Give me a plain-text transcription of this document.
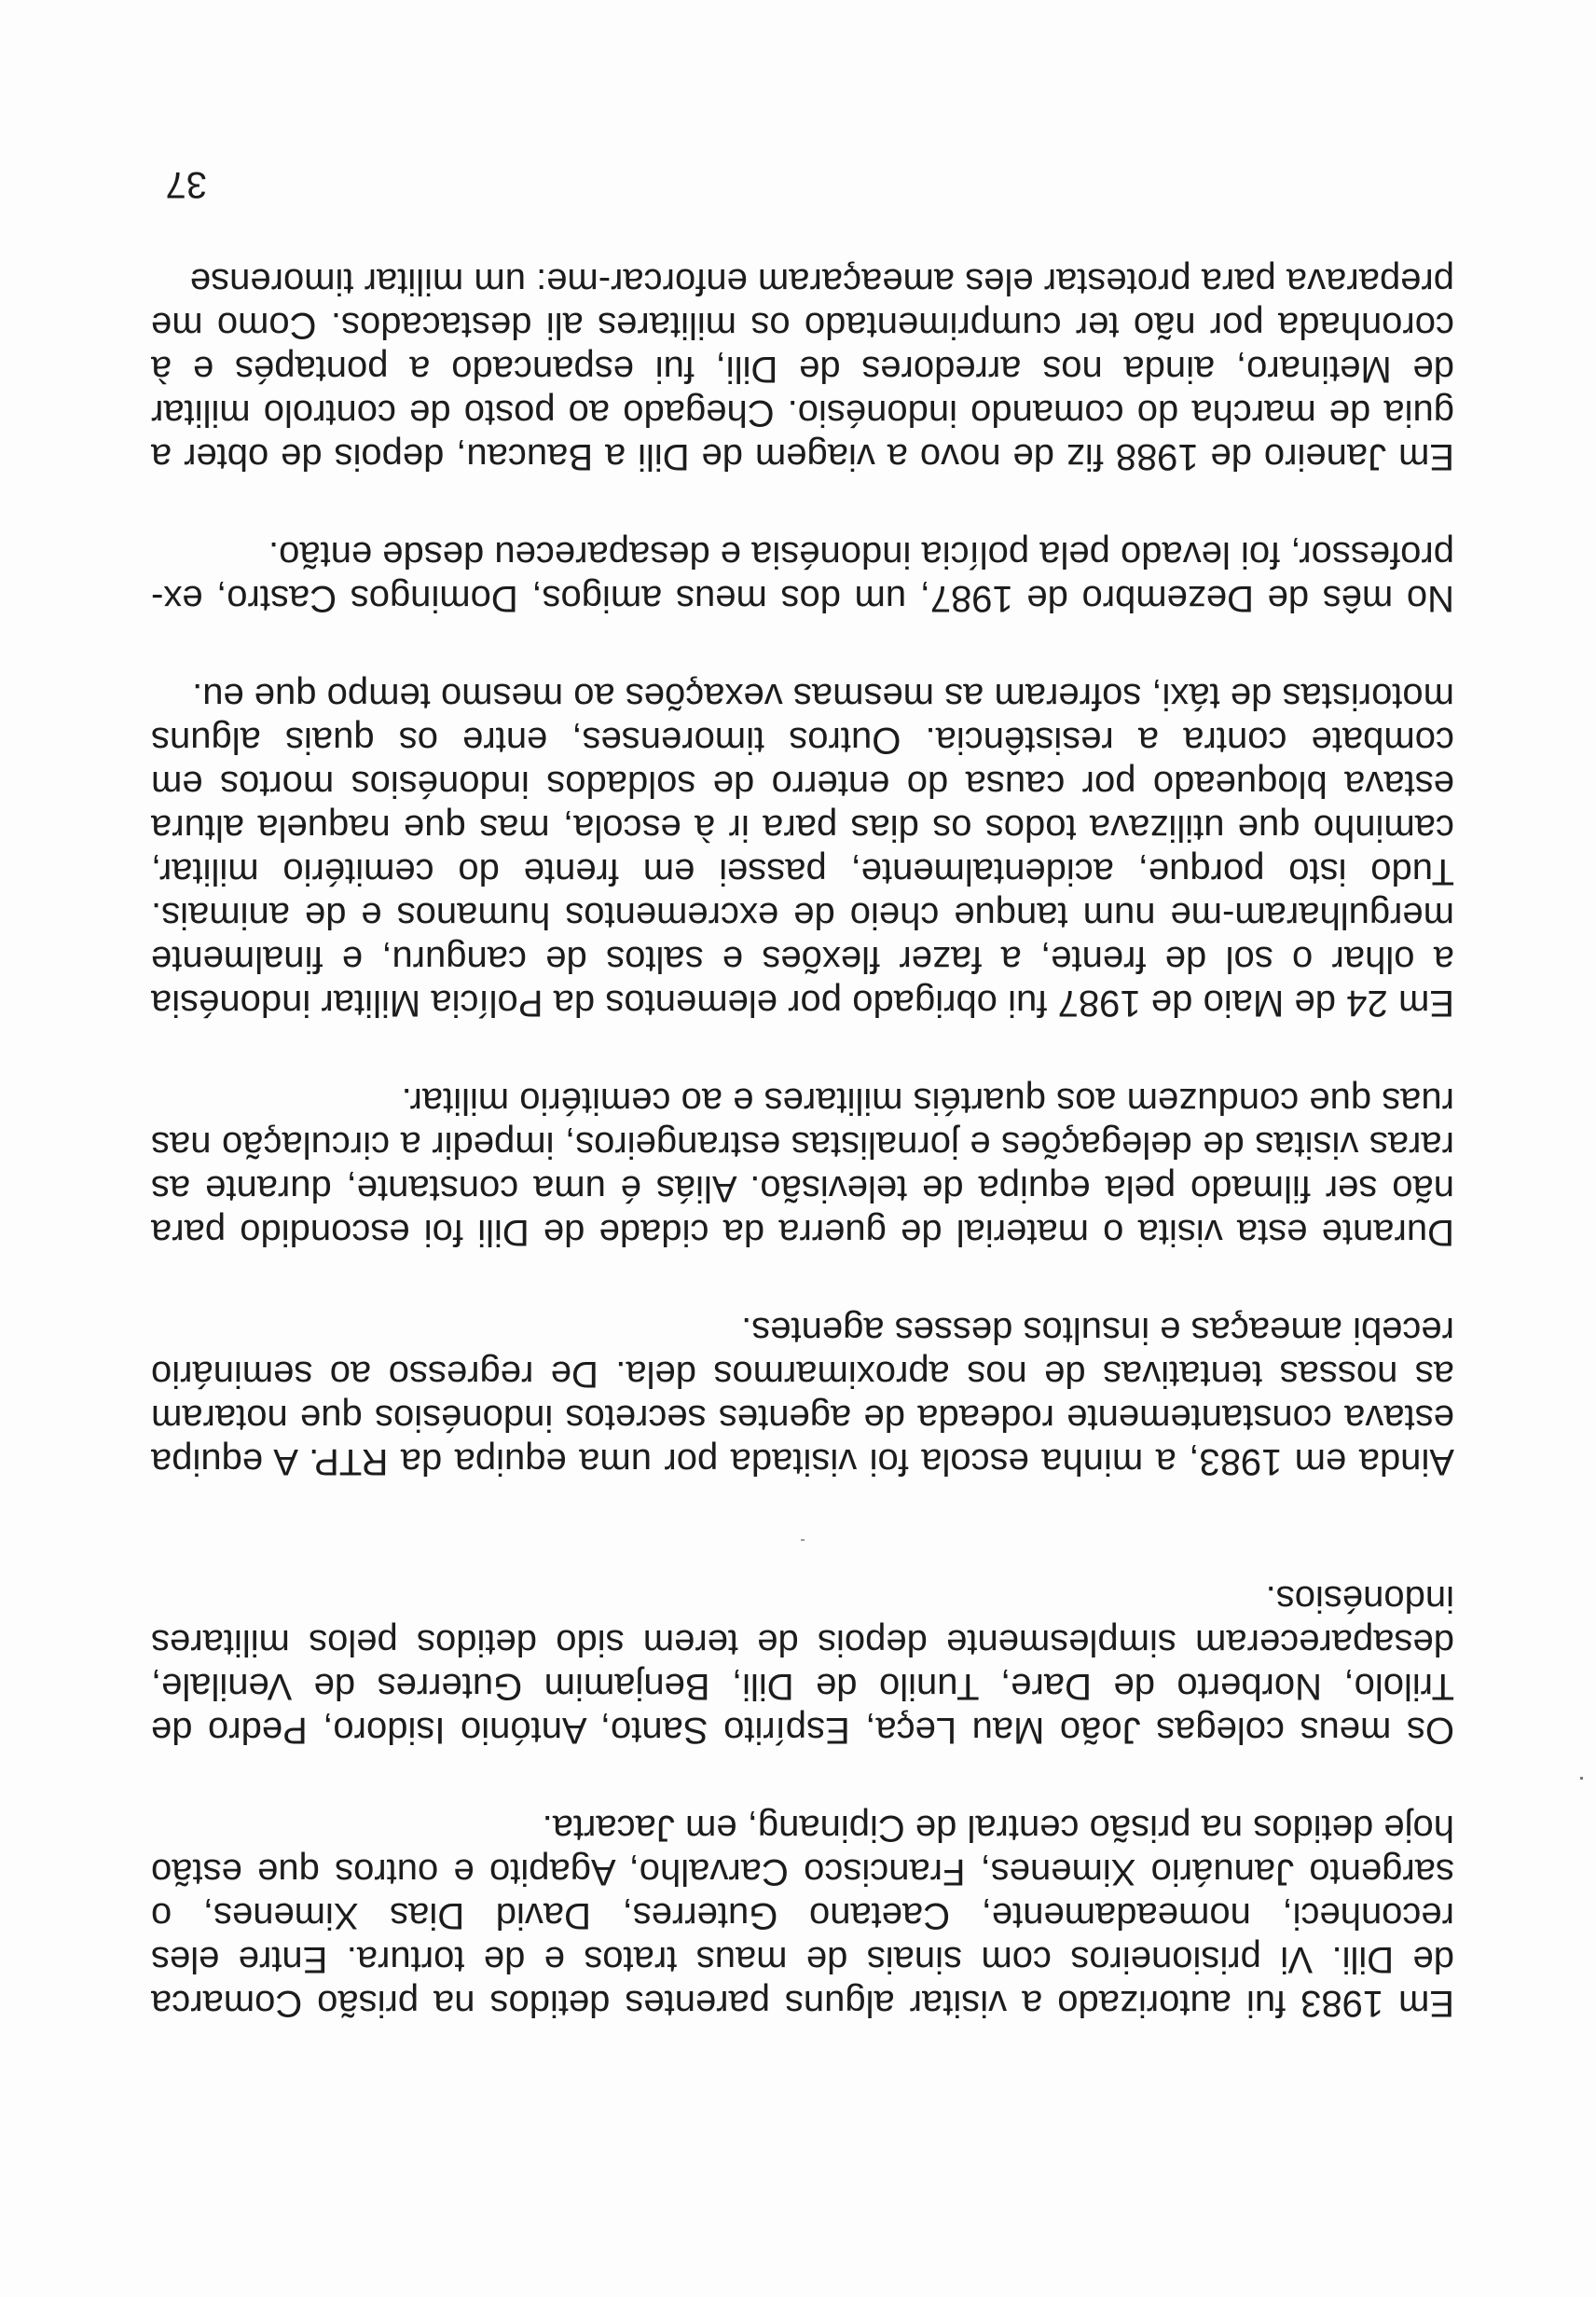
Em 1983 fui autorizado a visitar alguns parentes detidos na prisão Comarca de Dili. Vi prisioneiros com sinais de maus tratos e de tortura. Entre eles reconheci, nomeadamente, Caetano Guterres, David Dias Ximenes, o sargento Januário Ximenes, Francisco Carvalho, Agapito e outros que estão hoje detidos na prisão central de Cipinang, em Jacarta.

Os meus colegas João Mau Leça, Espírito Santo, António Isidoro, Pedro de Trilolo, Norberto de Dare, Tunilo de Dili, Benjamim Guterres de Venilale, desapareceram simplesmente depois de terem sido detidos pelos militares indonésios.

Ainda em 1983, a minha escola foi visitada por uma equipa da RTP. A equipa estava constantemente rodeada de agentes secretos indonésios que notaram as nossas tentativas de nos aproximarmos dela. De regresso ao seminário recebi ameaças e insultos desses agentes.

Durante esta visita o material de guerra da cidade de Dili foi escondido para não ser filmado pela equipa de televisão. Aliás é uma constante, durante as raras visitas de delegações e jornalistas estrangeiros, impedir a circulação nas ruas que conduzem aos quartéis militares e ao cemitério militar.

Em 24 de Maio de 1987 fui obrigado por elementos da Polícia Militar indonésia a olhar o sol de frente, a fazer flexões e saltos de canguru, e finalmente mergulharam-me num tanque cheio de excrementos humanos e de animais. Tudo isto porque, acidentalmente, passei em frente do cemitério militar, caminho que utilizava todos os dias para ir à escola, mas que naquela altura estava bloqueado por causa do enterro de soldados indonésios mortos em combate contra a resistência. Outros timorenses, entre os quais alguns motoristas de táxi, sofreram as mesmas vexações ao mesmo tempo que eu.

No mês de Dezembro de 1987, um dos meus amigos, Domingos Castro, ex-professor, foi levado pela polícia indonésia e desapareceu desde então.

Em Janeiro de 1988 fiz de novo a viagem de Dili a Baucau, depois de obter a guia de marcha do comando indonésio. Chegado ao posto de controlo militar de Metinaro, ainda nos arredores de Dili, fui espancado a pontapés e à coronhada por não ter cumprimentado os militares ali destacados. Como me preparava para protestar eles ameaçaram enforcar-me: um militar timorense

37
